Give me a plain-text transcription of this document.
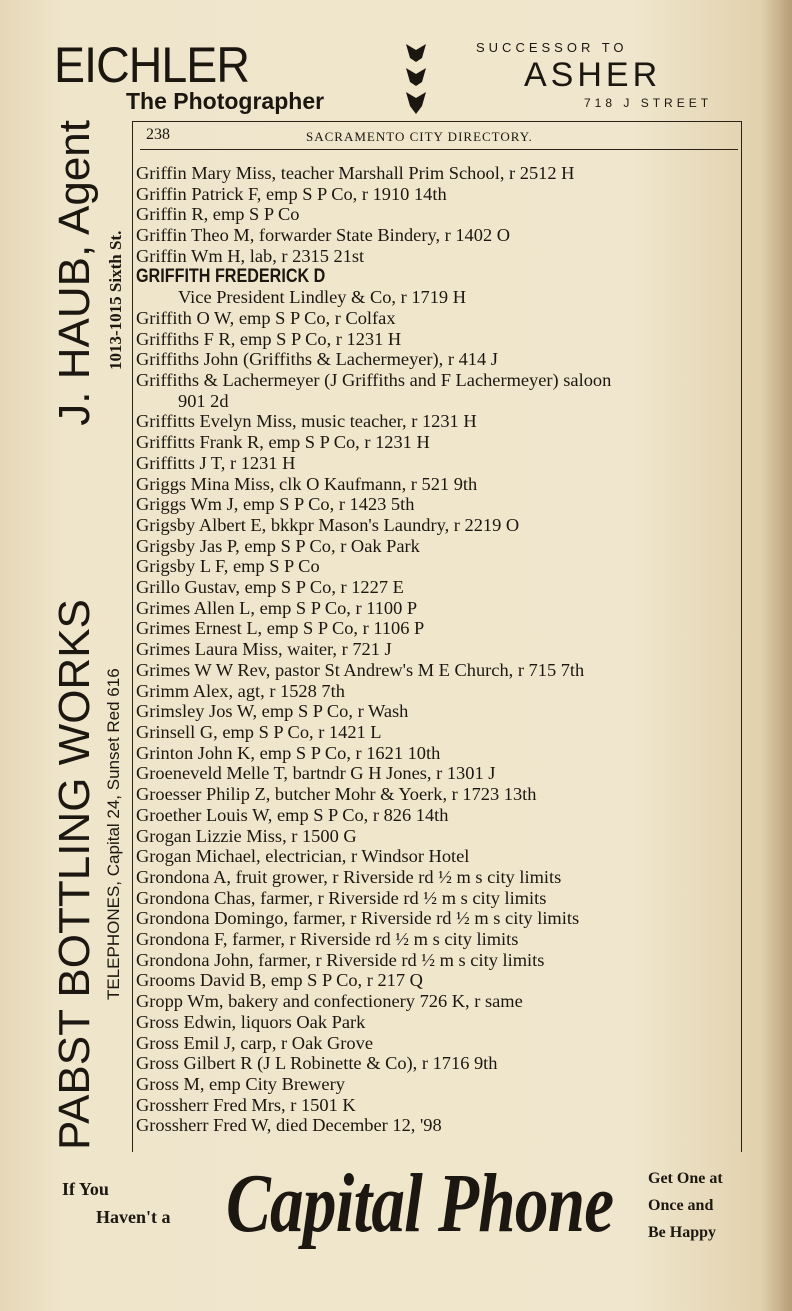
EICHLER
The Photographer
SUCCESSOR TO
ASHER
718 J STREET
238	SACRAMENTO CITY DIRECTORY.
PABST BOTTLING WORKS
J. HAUB, Agent
TELEPHONES, Capital 24, Sunset Red 616
1013-1015 Sixth St.
Griffin Mary Miss, teacher Marshall Prim School, r 2512 H
Griffin Patrick F, emp S P Co, r 1910 14th
Griffin R, emp S P Co
Griffin Theo M, forwarder State Bindery, r 1402 O
Griffin Wm H, lab, r 2315 21st
GRIFFITH FREDERICK D
Vice President Lindley & Co, r 1719 H
Griffith O W, emp S P Co, r Colfax
Griffiths F R, emp S P Co, r 1231 H
Griffiths John (Griffiths & Lachermeyer), r 414 J
Griffiths & Lachermeyer (J Griffiths and F Lachermeyer) saloon
901 2d
Griffitts Evelyn Miss, music teacher, r 1231 H
Griffitts Frank R, emp S P Co, r 1231 H
Griffitts J T, r 1231 H
Griggs Mina Miss, clk O Kaufmann, r 521 9th
Griggs Wm J, emp S P Co, r 1423 5th
Grigsby Albert E, bkkpr Mason's Laundry, r 2219 O
Grigsby Jas P, emp S P Co, r Oak Park
Grigsby L F, emp S P Co
Grillo Gustav, emp S P Co, r 1227 E
Grimes Allen L, emp S P Co, r 1100 P
Grimes Ernest L, emp S P Co, r 1106 P
Grimes Laura Miss, waiter, r 721 J
Grimes W W Rev, pastor St Andrew's M E Church, r 715 7th
Grimm Alex, agt, r 1528 7th
Grimsley Jos W, emp S P Co, r Wash
Grinsell G, emp S P Co, r 1421 L
Grinton John K, emp S P Co, r 1621 10th
Groeneveld Melle T, bartndr G H Jones, r 1301 J
Groesser Philip Z, butcher Mohr & Yoerk, r 1723 13th
Groether Louis W, emp S P Co, r 826 14th
Grogan Lizzie Miss, r 1500 G
Grogan Michael, electrician, r Windsor Hotel
Grondona A, fruit grower, r Riverside rd ½ m s city limits
Grondona Chas, farmer, r Riverside rd ½ m s city limits
Grondona Domingo, farmer, r Riverside rd ½ m s city limits
Grondona F, farmer, r Riverside rd ½ m s city limits
Grondona John, farmer, r Riverside rd ½ m s city limits
Grooms David B, emp S P Co, r 217 Q
Gropp Wm, bakery and confectionery 726 K, r same
Gross Edwin, liquors Oak Park
Gross Emil J, carp, r Oak Grove
Gross Gilbert R (J L Robinette & Co), r 1716 9th
Gross M, emp City Brewery
Grossherr Fred Mrs, r 1501 K
Grossherr Fred W, died December 12, '98
If You
Haven't a Capital Phone Get One at
Once and
Be Happy
